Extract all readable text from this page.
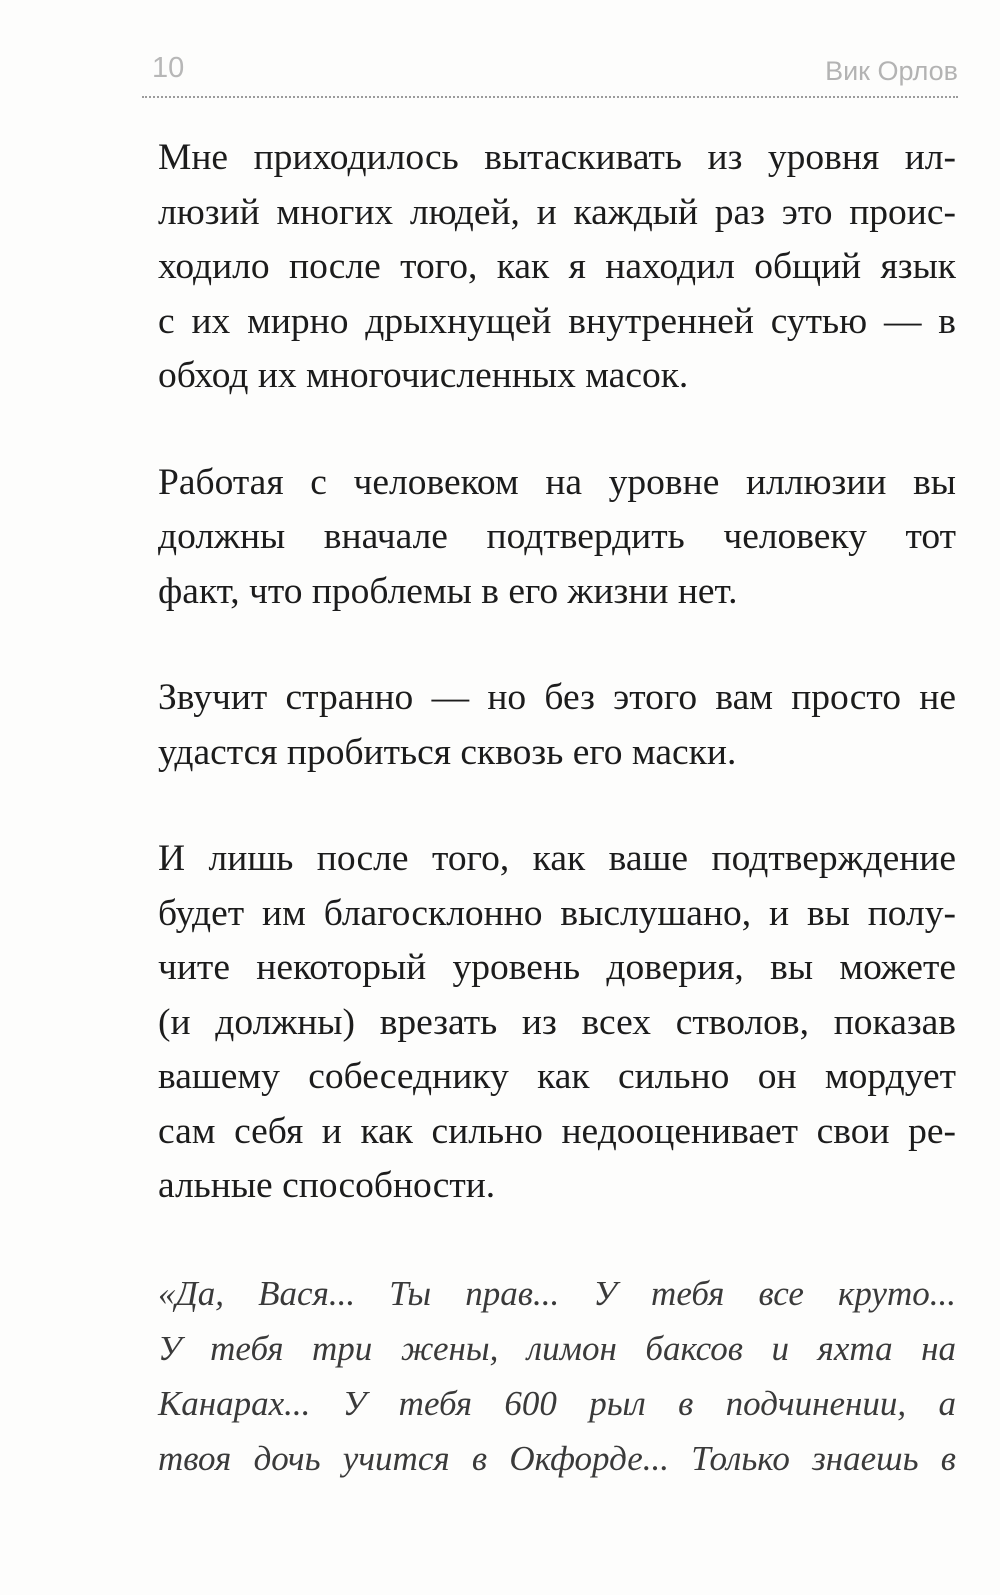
10	Вик Орлов

Мне приходилось вытаскивать из уровня ил-
люзий многих людей, и каждый раз это проис-
ходило после того, как я находил общий язык
с их мирно дрыхнущей внутренней сутью — в
обход их многочисленных масок.

Работая с человеком на уровне иллюзии вы
должны вначале подтвердить человеку тот
факт, что проблемы в его жизни нет.

Звучит странно — но без этого вам просто не
удастся пробиться сквозь его маски.

И лишь после того, как ваше подтверждение
будет им благосклонно выслушано, и вы полу-
чите некоторый уровень доверия, вы можете
(и должны) врезать из всех стволов, показав
вашему собеседнику как сильно он мордует
сам себя и как сильно недооценивает свои ре-
альные способности.

«Да, Вася... Ты прав... У тебя все круто...
У тебя три жены, лимон баксов и яхта на
Канарах... У тебя 600 рыл в подчинении, а
твоя дочь учится в Окфорде... Только знаешь в
